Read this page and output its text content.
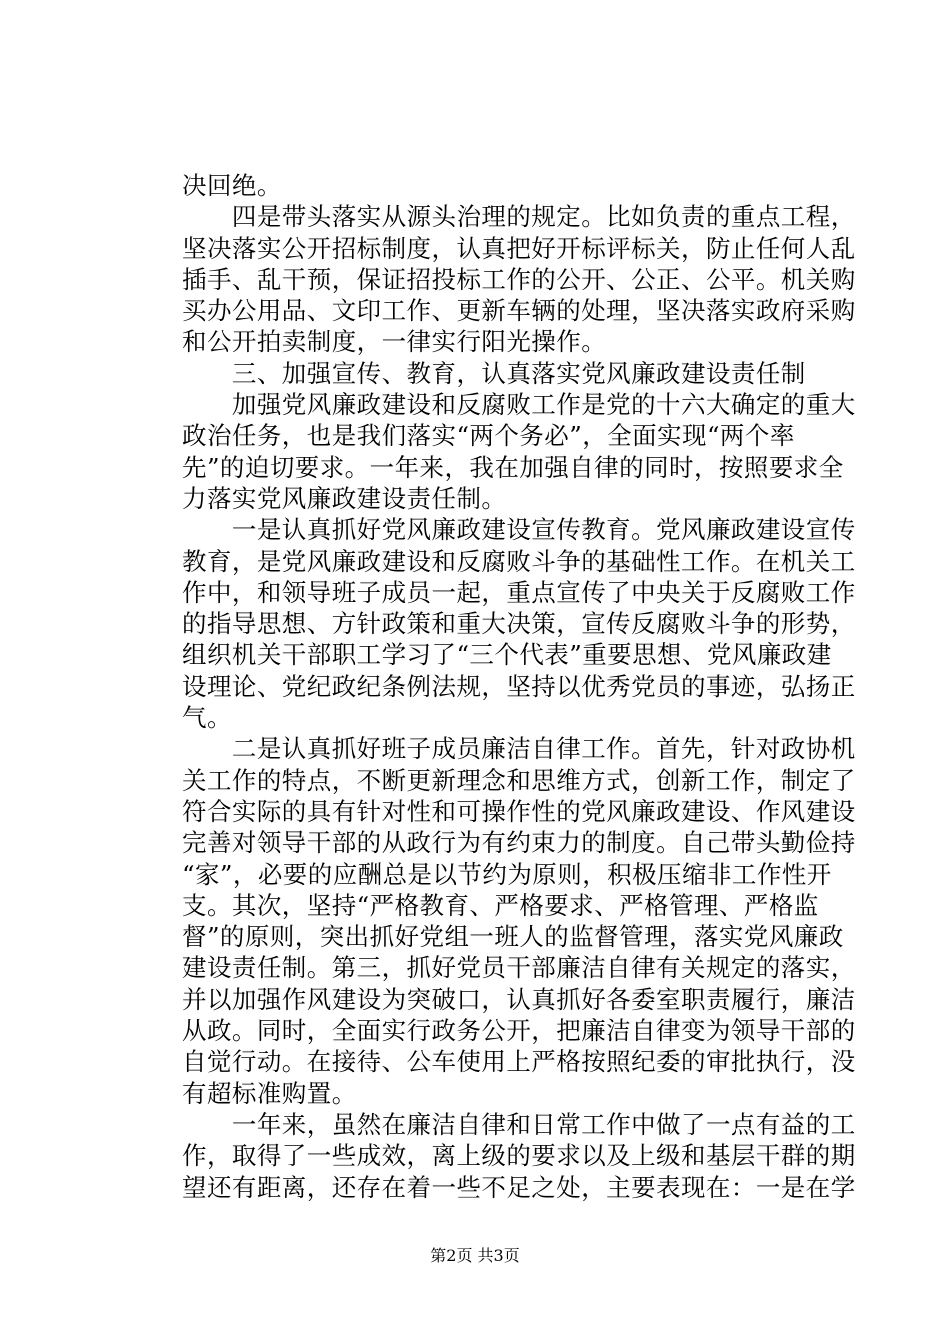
决回绝。
　　四是带头落实从源头治理的规定。比如负责的重点工程，
坚决落实公开招标制度，认真把好开标评标关，防止任何人乱
插手、乱干预，保证招投标工作的公开、公正、公平。机关购
买办公用品、文印工作、更新车辆的处理，坚决落实政府采购
和公开拍卖制度，一律实行阳光操作。
　　三、加强宣传、教育，认真落实党风廉政建设责任制
　　加强党风廉政建设和反腐败工作是党的十六大确定的重大
政治任务，也是我们落实“两个务必”，全面实现“两个率
先”的迫切要求。一年来，我在加强自律的同时，按照要求全
力落实党风廉政建设责任制。
　　一是认真抓好党风廉政建设宣传教育。党风廉政建设宣传
教育，是党风廉政建设和反腐败斗争的基础性工作。在机关工
作中，和领导班子成员一起，重点宣传了中央关于反腐败工作
的指导思想、方针政策和重大决策，宣传反腐败斗争的形势，
组织机关干部职工学习了“三个代表”重要思想、党风廉政建
设理论、党纪政纪条例法规，坚持以优秀党员的事迹，弘扬正
气。
　　二是认真抓好班子成员廉洁自律工作。首先，针对政协机
关工作的特点，不断更新理念和思维方式，创新工作，制定了
符合实际的具有针对性和可操作性的党风廉政建设、作风建设
完善对领导干部的从政行为有约束力的制度。自己带头勤俭持
“家”，必要的应酬总是以节约为原则，积极压缩非工作性开
支。其次，坚持“严格教育、严格要求、严格管理、严格监
督”的原则，突出抓好党组一班人的监督管理，落实党风廉政
建设责任制。第三，抓好党员干部廉洁自律有关规定的落实，
并以加强作风建设为突破口，认真抓好各委室职责履行，廉洁
从政。同时，全面实行政务公开，把廉洁自律变为领导干部的
自觉行动。在接待、公车使用上严格按照纪委的审批执行，没
有超标准购置。
　　一年来，虽然在廉洁自律和日常工作中做了一点有益的工
作，取得了一些成效，离上级的要求以及上级和基层干群的期
望还有距离，还存在着一些不足之处，主要表现在：一是在学
第2页 共3页
